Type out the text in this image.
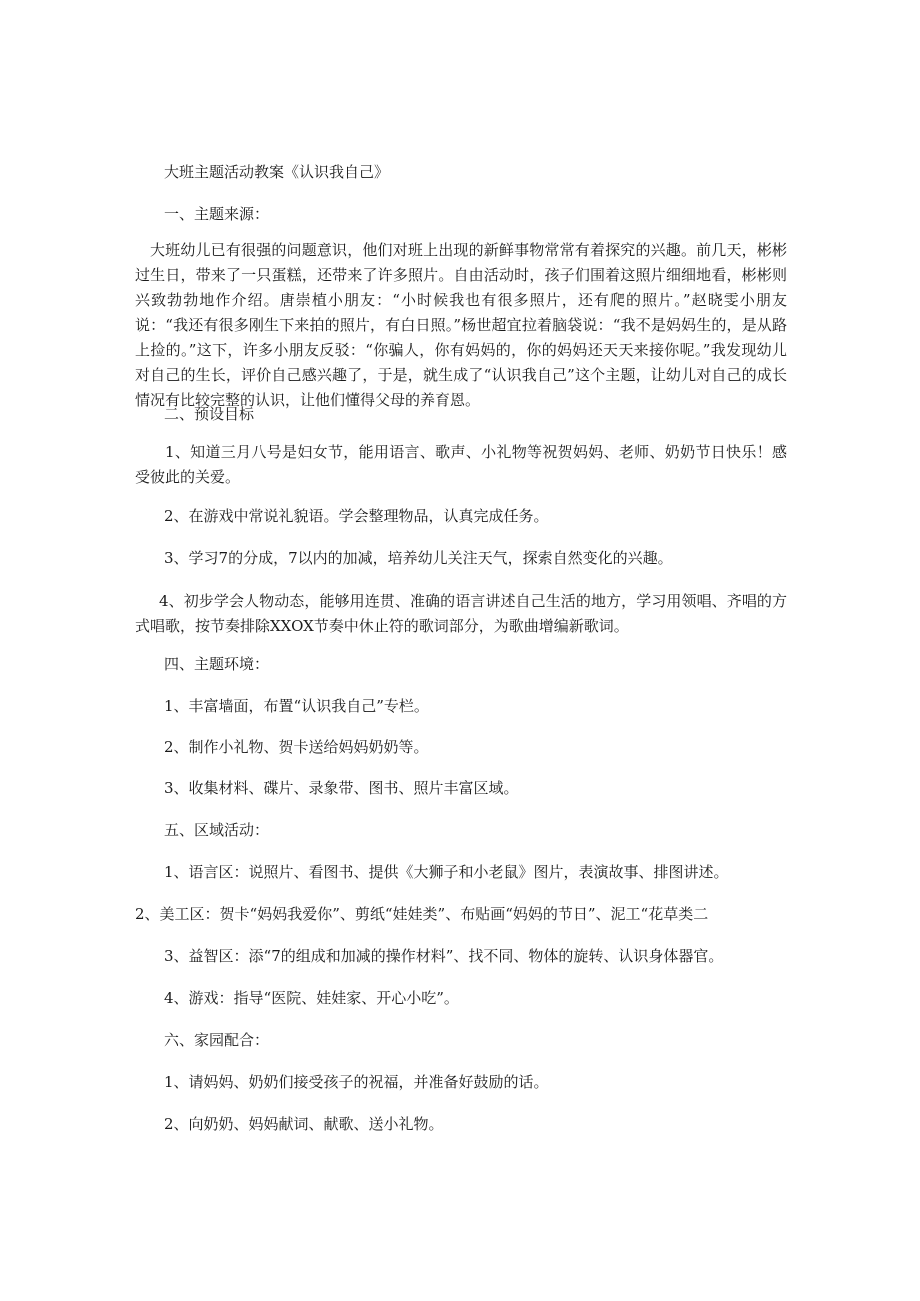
大班主题活动教案《认识我自己》
一、主题来源：
大班幼儿已有很强的问题意识，他们对班上出现的新鲜事物常常有着探究的兴趣。前几天，彬彬过生日，带来了一只蛋糕，还带来了许多照片。自由活动时，孩子们围着这照片细细地看，彬彬则兴致勃勃地作介绍。唐崇植小朋友：“小时候我也有很多照片，还有爬的照片。”赵晓雯小朋友说：“我还有很多刚生下来拍的照片，有白日照。”杨世超宜拉着脑袋说：“我不是妈妈生的，是从路上捡的。”这下，许多小朋友反驳：“你骗人，你有妈妈的，你的妈妈还天天来接你呢。”我发现幼儿对自己的生长，评价自己感兴趣了，于是，就生成了“认识我自己”这个主题，让幼儿对自己的成长情况有比较完整的认识，让他们懂得父母的养育恩。
二、预设目标
1、知道三月八号是妇女节，能用语言、歌声、小礼物等祝贺妈妈、老师、奶奶节日快乐！感受彼此的关爱。
2、在游戏中常说礼貌语。学会整理物品，认真完成任务。
3、学习7的分成，7以内的加减，培养幼儿关注天气，探索自然变化的兴趣。
4、初步学会人物动态，能够用连贯、准确的语言讲述自己生活的地方，学习用领唱、齐唱的方式唱歌，按节奏排除XXOX节奏中休止符的歌词部分，为歌曲增编新歌词。
四、主题环境：
1、丰富墙面，布置“认识我自己”专栏。
2、制作小礼物、贺卡送给妈妈奶奶等。
3、收集材料、碟片、录象带、图书、照片丰富区域。
五、区域活动：
1、语言区：说照片、看图书、提供《大狮子和小老鼠》图片，表演故事、排图讲述。
2、美工区：贺卡“妈妈我爱你”、剪纸“娃娃类”、布贴画“妈妈的节日”、泥工“花草类二
3、益智区：添“7的组成和加减的操作材料”、找不同、物体的旋转、认识身体器官。
4、游戏：指导“医院、娃娃家、开心小吃”。
六、家园配合：
1、请妈妈、奶奶们接受孩子的祝福，并准备好鼓励的话。
2、向奶奶、妈妈献词、献歌、送小礼物。
